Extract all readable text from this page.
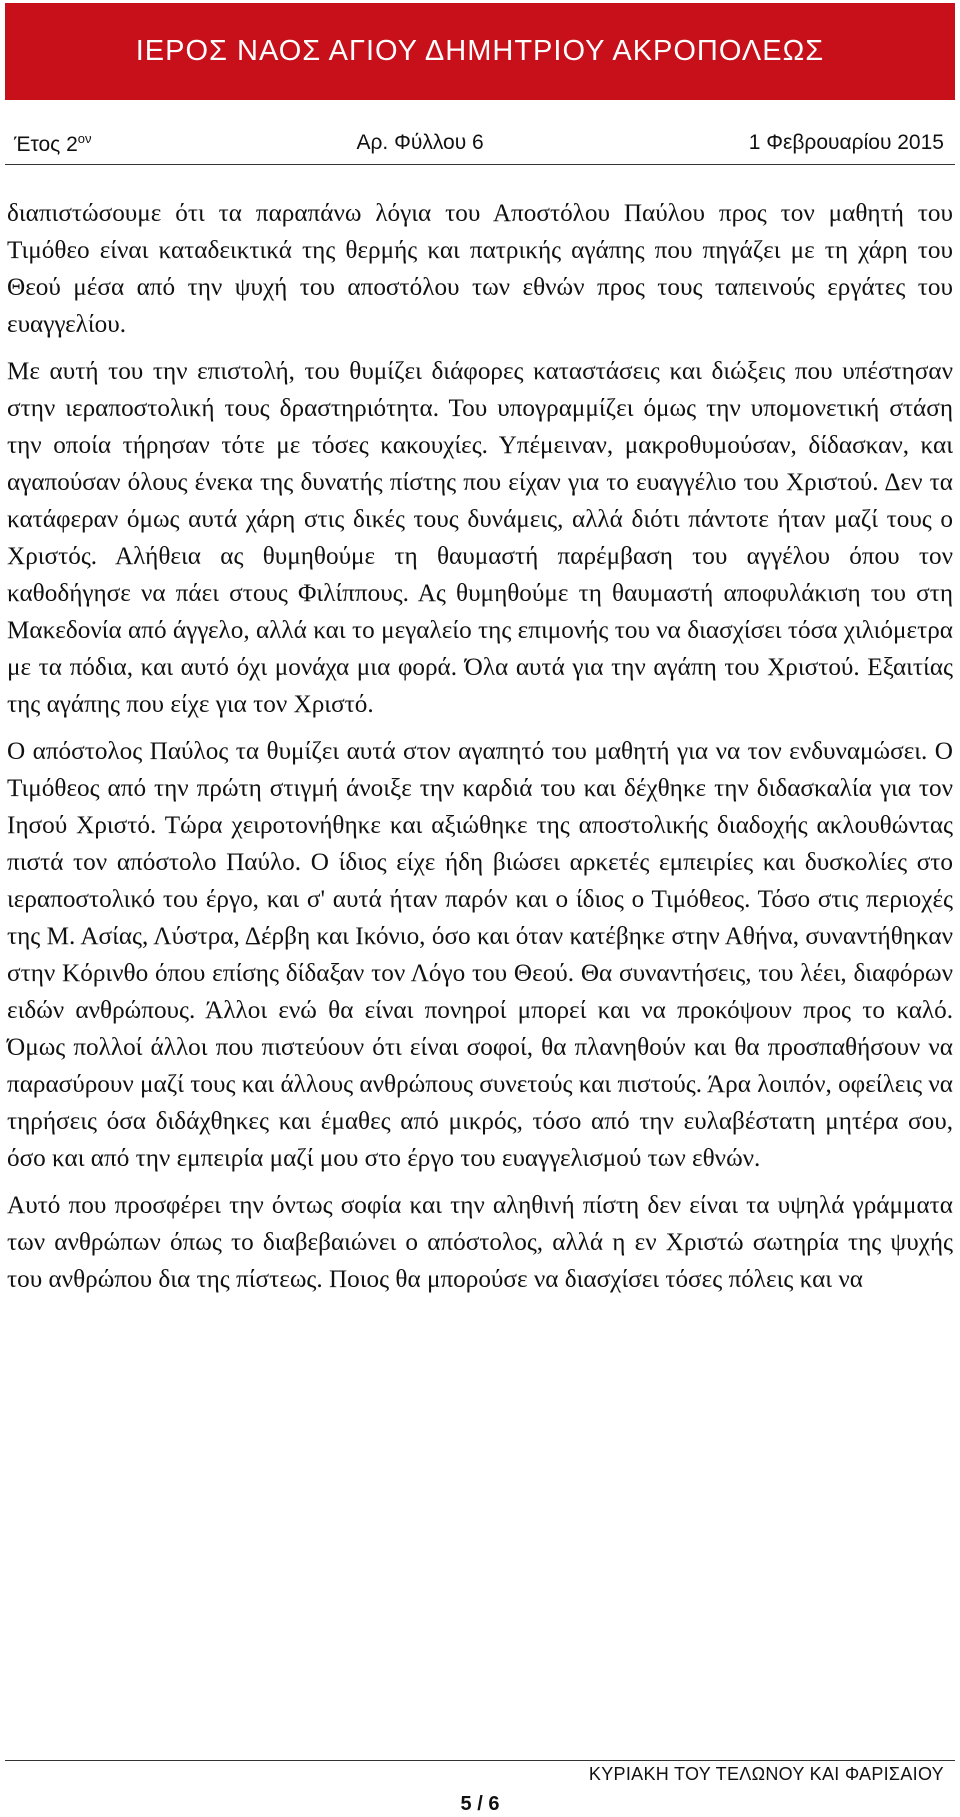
ΙΕΡΟΣ ΝΑΟΣ ΑΓΙΟΥ ΔΗΜΗΤΡΙΟΥ ΑΚΡΟΠΟΛΕΩΣ
Έτος $2^{o\nu}$	Αρ. Φύλλου 6	1 Φεβρουαρίου 2015

διαπιστώσουμε ότι τα παραπάνω λόγια του Αποστόλου Παύλου προς τον μαθητή του Τιμόθεο είναι καταδεικτικά της θερμής και πατρικής αγάπης που πηγάζει με τη χάρη του Θεού μέσα από την ψυχή του αποστόλου των εθνών προς τους ταπεινούς εργάτες του ευαγγελίου.

Με αυτή του την επιστολή, του θυμίζει διάφορες καταστάσεις και διώξεις που υπέστησαν στην ιεραποστολική τους δραστηριότητα. Του υπογραμμίζει όμως την υπομονετική στάση την οποία τήρησαν τότε με τόσες κακουχίες. Υπέμειναν, μακροθυμούσαν, δίδασκαν, και αγαπούσαν όλους ένεκα της δυνατής πίστης που είχαν για το ευαγγέλιο του Χριστού. Δεν τα κατάφεραν όμως αυτά χάρη στις δικές τους δυνάμεις, αλλά διότι πάντοτε ήταν μαζί τους ο Χριστός. Αλήθεια ας θυμηθούμε τη θαυμαστή παρέμβαση του αγγέλου όπου τον καθοδήγησε να πάει στους Φιλίππους. Ας θυμηθούμε τη θαυμαστή αποφυλάκιση του στη Μακεδονία από άγγελο, αλλά και το μεγαλείο της επιμονής του να διασχίσει τόσα χιλιόμετρα με τα πόδια, και αυτό όχι μονάχα μια φορά. Όλα αυτά για την αγάπη του Χριστού. Εξαιτίας της αγάπης που είχε για τον Χριστό.

Ο απόστολος Παύλος τα θυμίζει αυτά στον αγαπητό του μαθητή για να τον ενδυναμώσει. Ο Τιμόθεος από την πρώτη στιγμή άνοιξε την καρδιά του και δέχθηκε την διδασκαλία για τον Ιησού Χριστό. Τώρα χειροτονήθηκε και αξιώθηκε της αποστολικής διαδοχής ακλουθώντας πιστά τον απόστολο Παύλο. Ο ίδιος είχε ήδη βιώσει αρκετές εμπειρίες και δυσκολίες στο ιεραποστολικό του έργο, και σ' αυτά ήταν παρόν και ο ίδιος ο Τιμόθεος. Τόσο στις περιοχές της Μ. Ασίας, Λύστρα, Δέρβη και Ικόνιο, όσο και όταν κατέβηκε στην Αθήνα, συναντήθηκαν στην Κόρινθο όπου επίσης δίδαξαν τον Λόγο του Θεού. Θα συναντήσεις, του λέει, διαφόρων ειδών ανθρώπους. Άλλοι ενώ θα είναι πονηροί μπορεί και να προκόψουν προς το καλό. Όμως πολλοί άλλοι που πιστεύουν ότι είναι σοφοί, θα πλανηθούν και θα προσπαθήσουν να παρασύρουν μαζί τους και άλλους ανθρώπους συνετούς και πιστούς. Άρα λοιπόν, οφείλεις να τηρήσεις όσα διδάχθηκες και έμαθες από μικρός, τόσο από την ευλαβέστατη μητέρα σου, όσο και από την εμπειρία μαζί μου στο έργο του ευαγγελισμού των εθνών.

Αυτό που προσφέρει την όντως σοφία και την αληθινή πίστη δεν είναι τα υψηλά γράμματα των ανθρώπων όπως το διαβεβαιώνει ο απόστολος, αλλά η εν Χριστώ σωτηρία της ψυχής του ανθρώπου δια της πίστεως. Ποιος θα μπορούσε να διασχίσει τόσες πόλεις και να

ΚΥΡΙΑΚΗ ΤΟΥ ΤΕΛΩΝΟΥ ΚΑΙ ΦΑΡΙΣΑΙΟΥ
5 / 6
